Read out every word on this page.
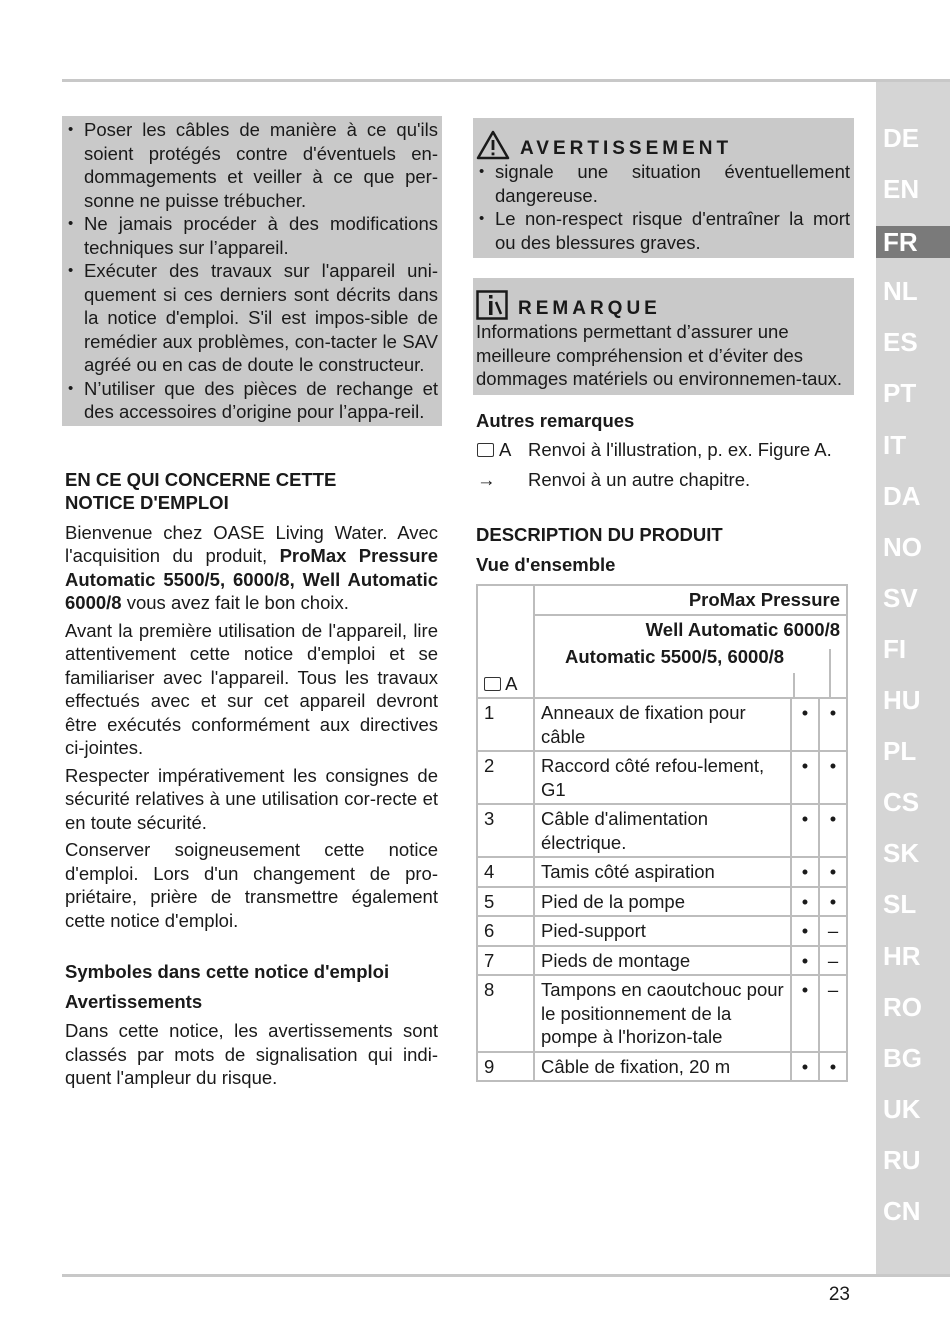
DE
EN
FR
NL
ES
PT
IT
DA
NO
SV
FI
HU
PL
CS
SK
SL
HR
RO
BG
UK
RU
CN
• Poser les câbles de manière à ce qu'ils soient protégés contre d'éventuels en-dommagements et veiller à ce que per-sonne ne puisse trébucher.
• Ne jamais procéder à des modifications techniques sur l’appareil.
• Exécuter des travaux sur l'appareil uni-quement si ces derniers sont décrits dans la notice d'emploi. S'il est impos-sible de remédier aux problèmes, con-tacter le SAV agréé ou en cas de doute le constructeur.
• N’utiliser que des pièces de rechange et des accessoires d’origine pour l’appa-reil.
EN CE QUI CONCERNE CETTE
NOTICE D'EMPLOI

Bienvenue chez OASE Living Water. Avec l'acquisition du produit, ProMax Pressure Automatic 5500/5, 6000/8, Well Automatic 6000/8 vous avez fait le bon choix.

Avant la première utilisation de l'appareil, lire attentivement cette notice d'emploi et se familiariser avec l'appareil. Tous les travaux effectués avec et sur cet appareil devront être exécutés conformément aux directives ci-jointes.

Respecter impérativement les consignes de sécurité relatives à une utilisation cor-recte et en toute sécurité.

Conserver soigneusement cette notice d'emploi. Lors d'un changement de pro-priétaire, prière de transmettre également cette notice d'emploi.

Symboles dans cette notice d'emploi
Avertissements

Dans cette notice, les avertissements sont classés par mots de signalisation qui indi-quent l'ampleur du risque.

AVERTISSEMENT
• signale une situation éventuellement dangereuse.
• Le non-respect risque d'entraîner la mort ou des blessures graves.
REMARQUE

Informations permettant d’assurer une meilleure compréhension et d’éviter des dommages matériels ou environnemen-taux.

Autres remarques
A Renvoi à l'illustration, p. ex. Figure A.
→ Renvoi à un autre chapitre.
DESCRIPTION DU PRODUIT
Vue d'ensemble
A	ProMax Pressure		
	Well Automatic 6000/8		

	Automatic 5500/5, 6000/8		

1	Anneaux de fixation pour câble	•	•
2	Raccord côté refou-lement, G1	•	•
3	Câble d'alimentation électrique.	•	•
4	Tamis côté aspiration	•	•
5	Pied de la pompe	•	•
6	Pied-support	•	–
7	Pieds de montage	•	–
8	Tampons en caoutchouc pour le positionnement de la pompe à l'horizon-tale	•	–
9	Câble de fixation, 20 m	•	•
23
